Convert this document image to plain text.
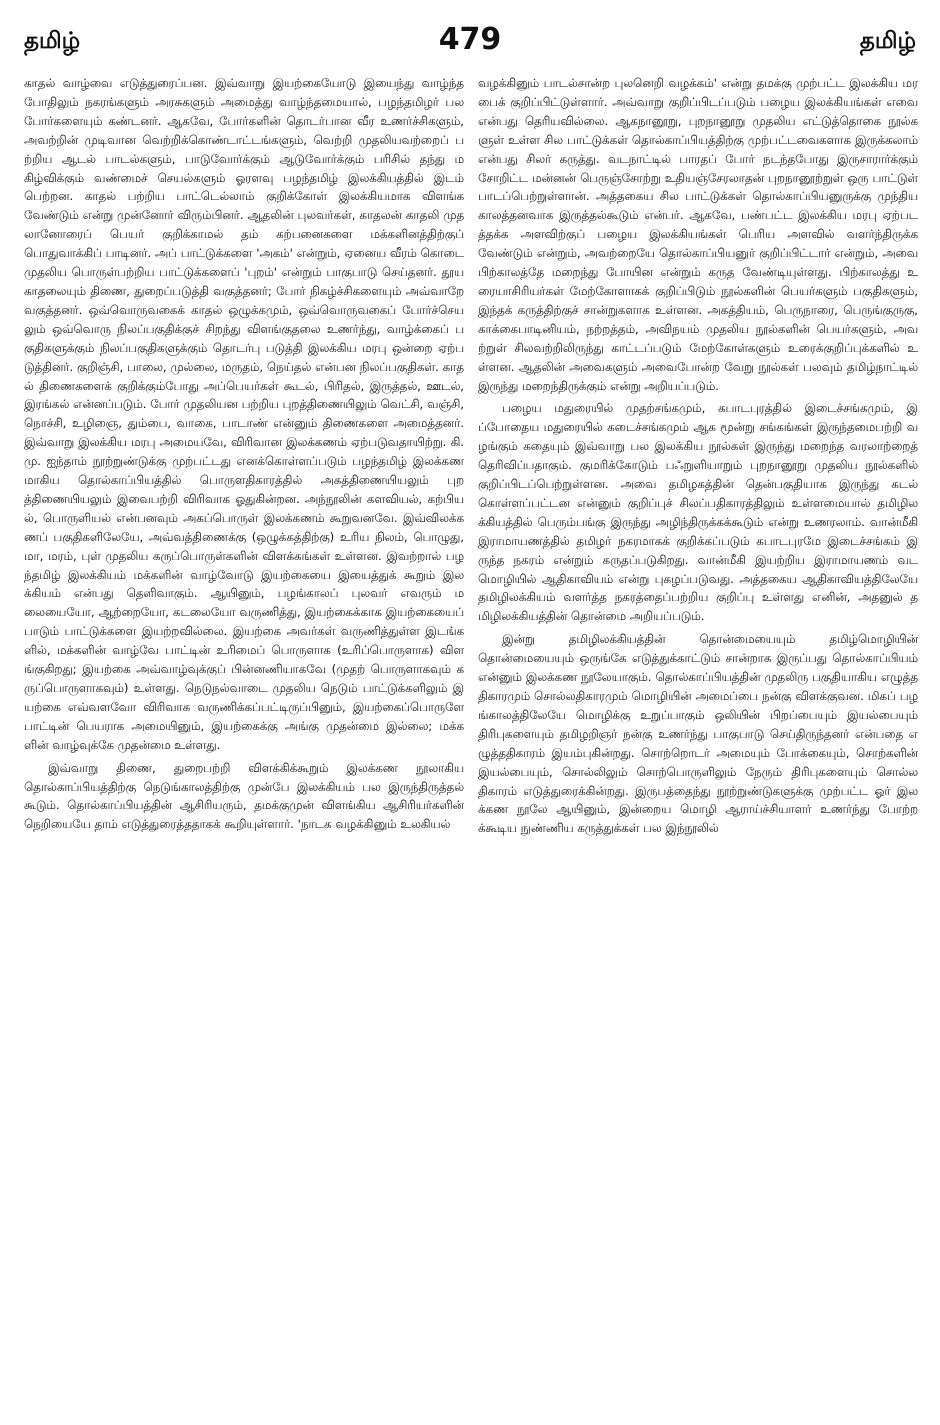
தமிழ்	479	தமிழ்

காதல் வாழ்வை எடுத்துரைப்பன. இவ்வாறு இயற்கையோடு இயைந்து வாழ்ந்த போதிலும் நகரங்களும் அரசுகளும் அமைத்து வாழ்ந்தமையால், பழந்தமிழர் பல போர்களையும் கண்டனர். ஆகவே, போர்களின் தொடர்பான வீர உணர்ச்சிகளும், அவற்றின் முடிவான வெற்றிக்கொண்டாட்டங்களும், வெற்றி முதலியவற்றைப் பற்றிய ஆடல் பாடல்களும், பாடுவோர்க்கும் ஆடுவோர்க்கும் பரிசில் தந்து மகிழ்விக்கும் வண்மைச் செயல்களும் ஓரளவு பழந்தமிழ் இலக்கியத்தில் இடம் பெற்றன. காதல் பற்றிய பாட்டெல்லாம் குறிக்கோள் இலக்கியமாக விளங்க வேண்டும் என்று முன்னோர் விரும்பினர். ஆதலின் புலவர்கள், காதலன் காதலி முதலானோரைப் பெயர் குறிக்காமல் தம் கற்பனைகளை மக்களினத்திற்குப் பொதுவாக்கிப் பாடினர். அப் பாட்டுக்களை 'அகம்' என்றும், ஏனைய வீரம் கொடை முதலிய பொருள்பற்றிய பாட்டுக்களைப் 'புறம்' என்றும் பாகுபாடு செய்தனர். தூய காதலையும் திணை, துறைப்படுத்தி வகுத்தனர்; போர் நிகழ்ச்சிகளையும் அவ்வாறே வகுத்தனர். ஒவ்வொருவகைக் காதல் ஒழுக்கமும், ஒவ்வொருவகைப் போர்ச்செயலும் ஒவ்வொரு நிலப்பகுதிக்குச் சிறந்து விளங்குதலை உணர்ந்து, வாழ்க்கைப் பகுதிகளுக்கும் நிலப்பகுதிகளுக்கும் தொடர்பு படுத்தி இலக்கிய மரபு ஒன்றை ஏற்படுத்தினர். குறிஞ்சி, பாலை, முல்லை, மருதம், நெய்தல் என்பன நிலப்பகுதிகள். காதல் திணைகளைக் குறிக்கும்போது அப்பெயர்கள் கூடல், பிரிதல், இருத்தல், ஊடல், இரங்கல் என்னப்படும். போர் முதலியன பற்றிய புறத்திணையிலும் வெட்சி, வஞ்சி, நொச்சி, உழிஞை, தும்பை, வாகை, பாடாண் என்னும் திணைகளை அமைத்தனர். இவ்வாறு இலக்கிய மரபு அமையவே, விரிவான இலக்கணம் ஏற்படுவதாயிற்று. கி. மு. ஐந்தாம் நூற்றுண்டுக்கு முற்பட்டது எனக்கொள்ளப்படும் பழந்தமிழ் இலக்கணமாகிய தொல்காப்பியத்தில் பொருளதிகாரத்தில் அகத்திணையியலும் புறத்திணையியலும் இவைபற்றி விரிவாக ஓதுகின்றன. அந்நூலின் களவியல், கற்பியல், பொருளியல் என்பனவும் அகப்பொருள் இலக்கணம் கூறுவனவே. இவ்விலக்கணப் பகுதிகளிலேயே, அவ்வத்திணைக்கு (ஒழுக்கத்திற்கு) உரிய நிலம், பொழுது, மா, மரம், புள் முதலிய கருப்பொருள்களின் விளக்கங்கள் உள்ளன. இவற்றால் பழந்தமிழ் இலக்கியம் மக்களின் வாழ்வோடு இயற்கையை இயைத்துக் கூறும் இலக்கியம் என்பது தெளிவாகும். ஆயினும், பழங்காலப் புலவர் எவரும் மலையையோ, ஆற்றையோ, கடலையோ வருணித்து, இயற்கைக்காக இயற்கையைப் பாடும் பாட்டுக்களை இயற்றவில்லை. இயற்கை அவர்கள் வருணித்துள்ள இடங்களில், மக்களின் வாழ்வே பாட்டின் உரிமைப் பொருளாக (உரிப்பொருளாக) விளங்குகிறது; இயற்கை அவ்வாழ்வுக்குப் பின்னணியாகவே (முதற் பொருளாகவும் கருப்பொருளாகவும்) உள்ளது. நெடுநல்வாடை முதலிய நெடும் பாட்டுக்களிலும் இயற்கை எவ்வளவோ விரிவாக வருணிக்கப்பட்டிருப்பினும், இயற்கைப்பொருளே பாட்டின் பெயராக அமையினும், இயற்கைக்கு அங்கு முதன்மை இல்லை; மக்களின் வாழ்வுக்கே முதன்மை உள்ளது.

இவ்வாறு திணை, துறைபற்றி விளக்கிக்கூறும் இலக்கண நூலாகிய தொல்காப்பியத்திற்கு நெடுங்காலத்திற்கு முன்பே இலக்கியம் பல இருந்திருத்தல் கூடும். தொல்காப்பியத்தின் ஆசிரியரும், தமக்குமுன் விளங்கிய ஆசிரியர்களின் நெறியையே தாம் எடுத்துரைத்ததாகக் கூறியுள்ளார். 'நாடக வழக்கினும் உலகியல்

வழக்கினும் பாடல்சான்ற புலனெறி வழக்கம்' என்று தமக்கு முற்பட்ட இலக்கிய மரபைக் குறிப்பிட்டுள்ளார். அவ்வாறு குறிப்பிடப்படும் பழைய இலக்கியங்கள் எவை என்பது தெரியவில்லை. ஆகநானூறு, புறநானூறு முதலிய எட்டுத்தொகை நூல்களுள் உள்ள சில பாட்டுக்கள் தொல்காப்பியத்திற்கு முற்பட்டவைகளாக இருக்கலாம் என்பது சிலர் கருத்து. வடநாட்டில் பாரதப் போர் நடந்தபோது இருசாரார்க்கும் சோறிட்ட மன்னன் பெருஞ்சோற்று உதியஞ்சேரலாதன் புறநானூற்றுள் ஒரு பாட்டுள் பாடப்பெற்றுள்ளான். அத்தகைய சில பாட்டுக்கள் தொல்காப்பியனுருக்கு முந்திய காலத்தனவாக இருத்தல்கூடும் என்பர். ஆகவே, பண்பட்ட இலக்கிய மரபு ஏற்படத்தக்க அளவிற்குப் பழைய இலக்கியங்கள் பெரிய அளவில் வளர்ந்திருக்க வேண்டும் என்றும், அவற்றையே தொல்காப்பியனுர் குறிப்பிட்டார் என்றும், அவை பிற்காலத்தே மறைந்து போயின என்றும் கருத வேண்டியுள்ளது. பிற்காலத்து உரையாசிரியர்கள் மேற்கோளாகக் குறிப்பிடும் நூல்களின் பெயர்களும் பகுதிகளும், இந்தக் கருத்திற்குச் சான்றுகளாக உள்ளன. அகத்தியம், பெருநாரை, பெருங்குருகு, காக்கைபாடினியம், நற்றத்தம், அவிநயம் முதலிய நூல்களின் பெயர்களும், அவற்றுள் சிலவற்றிலிருந்து காட்டப்படும் மேற்கோள்களும் உரைக்குறிப்புக்களில் உள்ளன. ஆதலின் அவைகளும் அவைபோன்ற வேறு நூல்கள் பலவும் தமிழ்நாட்டில் இருந்து மறைந்திருக்கும் என்று அறியப்படும்.

பழைய மதுரையில் முதற்சங்கமும், கபாடபுரத்தில் இடைச்சங்கமும், இப்போதைய மதுரையில் கடைச்சங்கமும் ஆக மூன்று சங்கங்கள் இருந்தமைபற்றி வழங்கும் கதையும் இவ்வாறு பல இலக்கிய நூல்கள் இருந்து மறைந்த வரலாற்றைத் தெரிவிப்பதாகும். குமரிக்கோடும் பஃறுளியாறும் புறநானூறு முதலிய நூல்களில் குறிப்பிடப்பெற்றுள்ளன. அவை தமிழகத்தின் தென்பகுதியாக இருந்து கடல் கொள்ளப்பட்டன என்னும் குறிப்புச் சிலப்பதிகாரத்திலும் உள்ளமையால் தமிழிலக்கியத்தில் பெரும்பங்கு இருந்து அழிந்திருக்கக்கூடும் என்று உணரலாம். வான்மீகி இராமாயணத்தில் தமிழர் நகரமாகக் குறிக்கப்படும் கபாடபுரமே இடைச்சங்கம் இருந்த நகரம் என்றும் கருதப்படுகிறது. வான்மீகி இயற்றிய இராமாயணம் வடமொழியில் ஆதிகாவியம் என்று புகழப்படுவது. அத்தகைய ஆதிகாவியத்திலேயே தமிழிலக்கியம் வளர்த்த நகரத்தைப்பற்றிய குறிப்பு உள்ளது எனின், அதனுல் தமிழிலக்கியத்தின் தொன்மை அறியப்படும்.

இன்று தமிழிலக்கியத்தின் தொன்மையையும் தமிழ்மொழியின் தொன்மையையும் ஒருங்கே எடுத்துக்காட்டும் சான்றாக இருப்பது தொல்காப்பியம் என்னும் இலக்கண நூலேயாகும். தொல்காப்பியத்தின் முதலிரு பகுதியாகிய எழுத்ததிகாரமும் சொல்லதிகாரமும் மொழியின் அமைப்பை நன்கு விளக்குவன. மிகப் பழங்காலத்திலேயே மொழிக்கு உறுப்பாகும் ஒலியின் பிறப்பையும் இயல்பையும் திரிபுகளையும் தமிழறிஞர் நன்கு உணர்ந்து பாகுபாடு செய்திருந்தனர் என்பதை எழுத்ததிகாரம் இயம்புகின்றது. சொற்றொடர் அமையும் போக்கையும், சொற்களின் இயல்பையும், சொல்லிலும் சொற்பொருளிலும் நேரும் திரிபுகளையும் சொல்லதிகாரம் எடுத்துரைக்கின்றது. இருபத்தைந்து நூற்றுண்டுகளுக்கு முற்பட்ட ஓர் இலக்கண நூலே ஆயினும், இன்றைய மொழி ஆராய்ச்சியாளர் உணர்ந்து போற்றக்கூடிய நுண்ணிய கருத்துக்கள் பல இந்நூலில்
